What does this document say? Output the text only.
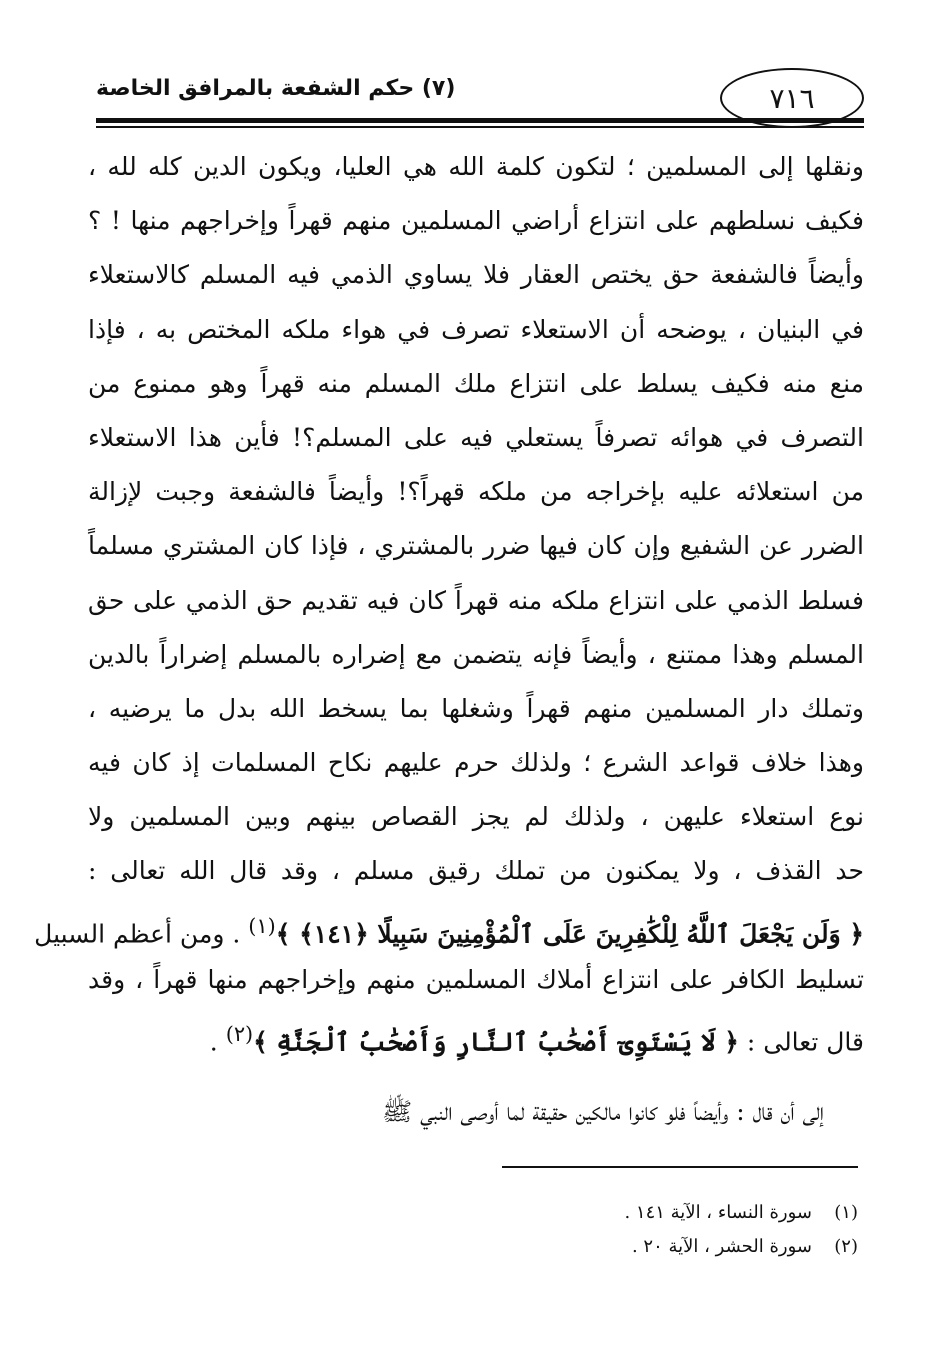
(٧) حكم الشفعة بالمرافق الخاصة	٧١٦
ونقلها إلى المسلمين ؛ لتكون كلمة الله هي العليا، ويكون الدين كله لله ،
فكيف نسلطهم على انتزاع أراضي المسلمين منهم قهراً وإخراجهم منها ! ؟
وأيضاً فالشفعة حق يختص العقار فلا يساوي الذمي فيه المسلم كالاستعلاء
في البنيان ، يوضحه أن الاستعلاء تصرف في هواء ملكه المختص به ، فإذا
منع منه فكيف يسلط على انتزاع ملك المسلم منه قهراً وهو ممنوع من
التصرف في هوائه تصرفاً يستعلي فيه على المسلم؟! فأين هذا الاستعلاء
من استعلائه عليه بإخراجه من ملكه قهراً؟! وأيضاً فالشفعة وجبت لإزالة
الضرر عن الشفيع وإن كان فيها ضرر بالمشتري ، فإذا كان المشتري مسلماً
فسلط الذمي على انتزاع ملكه منه قهراً كان فيه تقديم حق الذمي على حق
المسلم وهذا ممتنع ، وأيضاً فإنه يتضمن مع إضراره بالمسلم إضراراً بالدين
وتملك دار المسلمين منهم قهراً وشغلها بما يسخط الله بدل ما يرضيه ،
وهذا خلاف قواعد الشرع ؛ ولذلك حرم عليهم نكاح المسلمات إذ كان فيه
نوع استعلاء عليهن ، ولذلك لم يجز القصاص بينهم وبين المسلمين ولا
حد القذف ، ولا يمكنون من تملك رقيق مسلم ، وقد قال الله تعالى :
﴿ وَلَن يَجْعَلَ ٱللَّهُ لِلْكَٰفِرِينَ عَلَى ٱلْمُؤْمِنِينَ سَبِيلًا ﴿١٤١﴾ ﴾$^{(١)}$ . ومن أعظم السبيل
تسليط الكافر على انتزاع أملاك المسلمين منهم وإخراجهم منها قهراً ، وقد
قال تعالى : ﴿ لَا يَسْتَوِىٓ أَصْحَٰبُ ٱلنَّارِ وَأَصْحَٰبُ ٱلْجَنَّةِ ﴾$^{(٢)}$ .
إلى أن قال : وأيضاً فلو كانوا مالكين حقيقة لما أوصى النبي ﷺ
(١)سورة النساء ، الآية ١٤١ .
(٢)سورة الحشر ، الآية ٢٠ .
